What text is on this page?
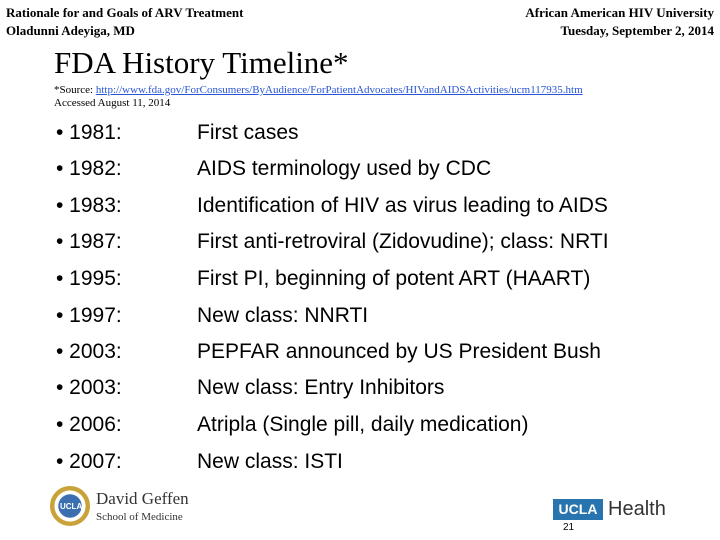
Rationale for and Goals of ARV Treatment
Oladunni Adeyiga, MD
African American HIV University
Tuesday, September 2, 2014
FDA History Timeline*
*Source: http://www.fda.gov/ForConsumers/ByAudience/ForPatientAdvocates/HIVandAIDSActivities/ucm117935.htm
Accessed August 11, 2014
• 1981:	First cases
• 1982:	AIDS terminology used by CDC
• 1983:	Identification of HIV as virus leading to AIDS
• 1987:	First anti-retroviral (Zidovudine); class: NRTI
• 1995:	First PI, beginning of potent ART (HAART)
• 1997:	New class: NNRTI
• 2003:	PEPFAR announced by US President Bush
• 2003:	New class: Entry Inhibitors
• 2006:	Atripla (Single pill, daily medication)
• 2007:	New class: ISTI
UCLA David Geffen
School of Medicine	UCLA Health
21
